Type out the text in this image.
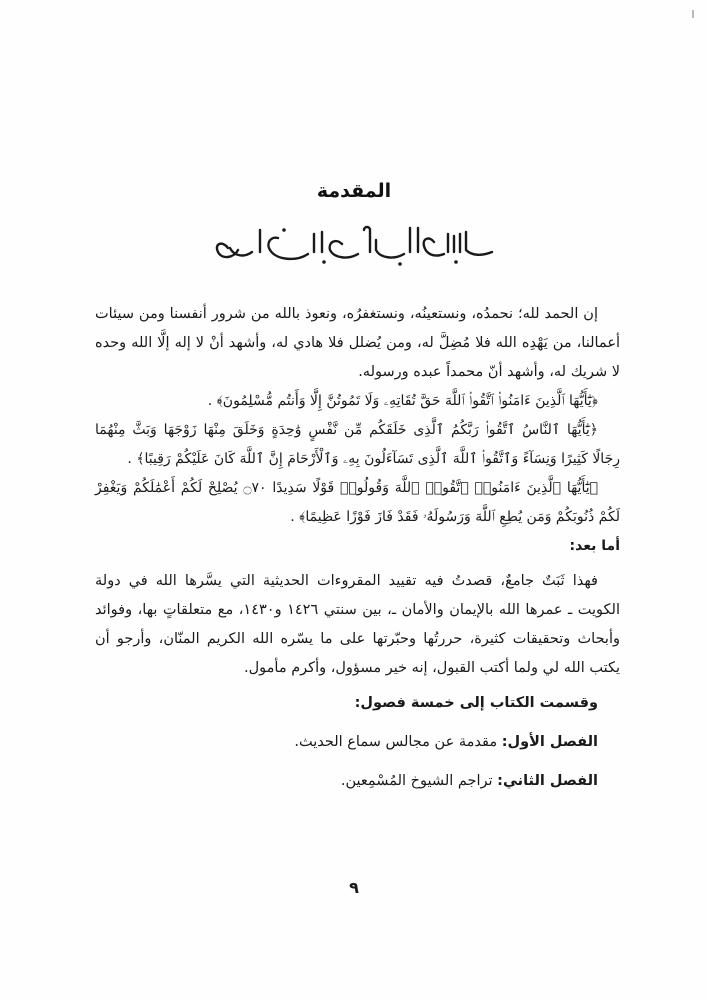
المقدمة

إن الحمد لله؛ نحمدُه، ونستعينُه، ونستغفرُه، ونعوذ بالله من شرور أنفسنا ومن سيئات أعمالنا، من يَهْدِه الله فلا مُضِلَّ له، ومن يُضلل فلا هادي له، وأشهد أنْ لا إله إلَّا الله وحده لا شريك له، وأشهد أنّ محمداً عبده ورسوله.

﴿يَٰٓأَيُّهَا ٱلَّذِينَ ءَامَنُوا۟ ٱتَّقُوا۟ ٱللَّهَ حَقَّ تُقَاتِهِۦ وَلَا تَمُوتُنَّ إِلَّا وَأَنتُم مُّسْلِمُونَ﴾ .

﴿يَٰٓأَيُّهَا ٱلنَّاسُ ٱتَّقُوا۟ رَبَّكُمُ ٱلَّذِى خَلَقَكُم مِّن نَّفْسٍ وَٰحِدَةٍ وَخَلَقَ مِنْهَا زَوْجَهَا وَبَثَّ مِنْهُمَا رِجَالًا كَثِيرًا وَنِسَآءً وَٱتَّقُوا۟ ٱللَّهَ ٱلَّذِى تَسَآءَلُونَ بِهِۦ وَٱلْأَرْحَامَ إِنَّ ٱللَّهَ كَانَ عَلَيْكُمْ رَقِيبًا﴾ .

﴿يَٰٓأَيُّهَا ٱلَّذِينَ ءَامَنُوا۟ ٱتَّقُوا۟ ٱللَّهَ وَقُولُوا۟ قَوْلًا سَدِيدًا ۝٧٠ يُصْلِحْ لَكُمْ أَعْمَٰلَكُمْ وَيَغْفِرْ لَكُمْ ذُنُوبَكُمْ وَمَن يُطِعِ ٱللَّهَ وَرَسُولَهُۥ فَقَدْ فَازَ فَوْزًا عَظِيمًا﴾ .

أما بعد:

فهذا ثَبَتٌ جامعٌ، قصدتُ فيه تقييد المقروءات الحديثية التي يسَّرها الله في دولة الكويت ـ عمرها الله بالإيمان والأمان ـ، بين سنتي ١٤٢٦ و١٤٣٠، مع متعلقاتٍ بها، وفوائد وأبحاث وتحقيقات كثيرة، حررتُها وحبّرتها على ما يسّره الله الكريم المنّان، وأرجو أن يكتب الله لي ولما أكتب القبول، إنه خير مسؤول، وأكرم مأمول.

وقسمت الكتاب إلى خمسة فصول:

الفصل الأول: مقدمة عن مجالس سماع الحديث.

الفصل الثاني: تراجم الشيوخ المُسْمِعين.

٩
